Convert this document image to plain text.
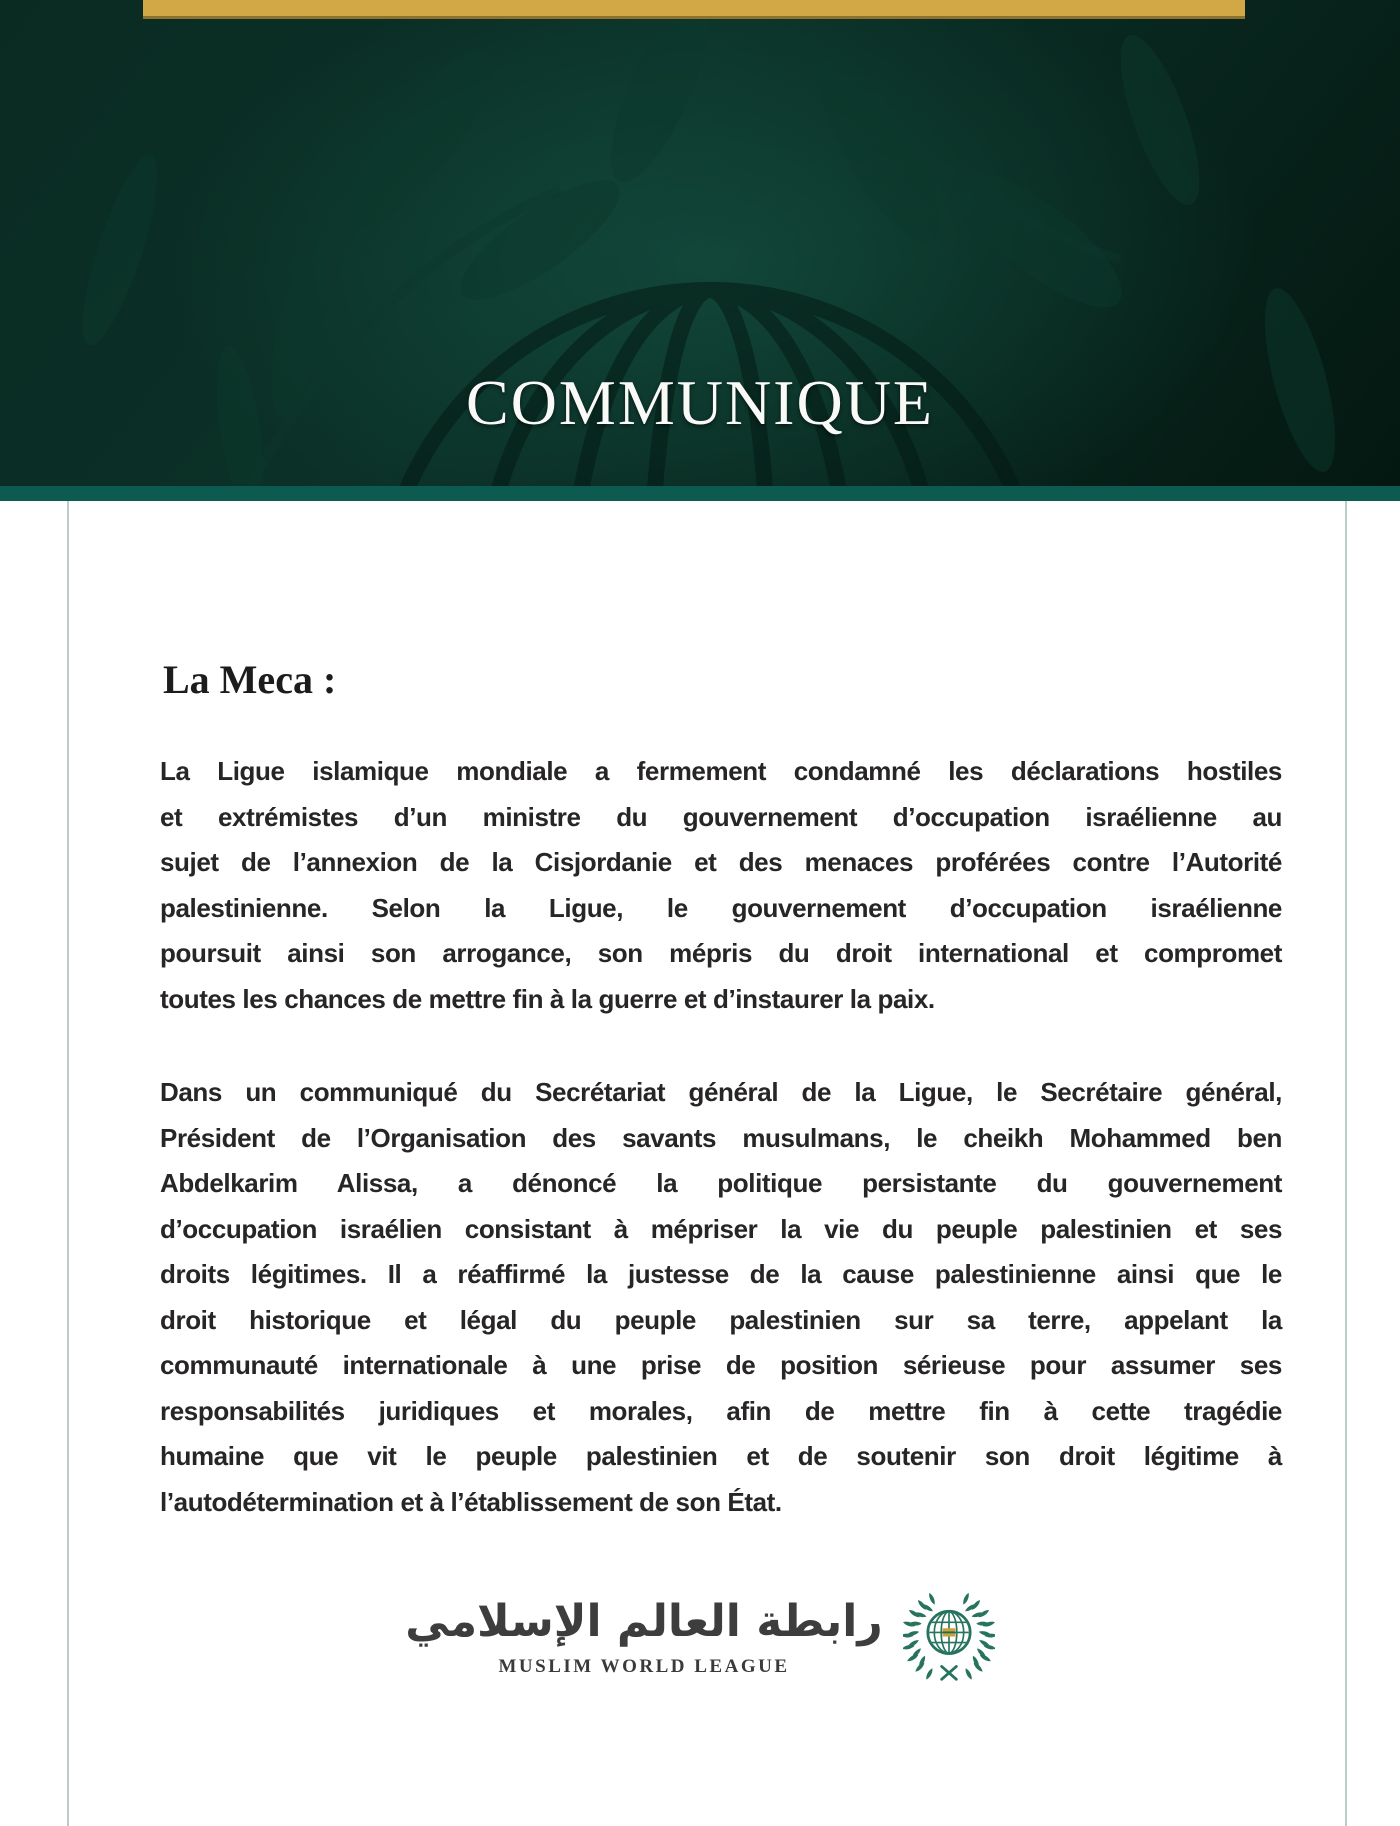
COMMUNIQUE
La Meca :
La Ligue islamique mondiale a fermement condamné les déclarations hostiles
et extrémistes d’un ministre du gouvernement d’occupation israélienne au
sujet de l’annexion de la Cisjordanie et des menaces proférées contre l’Autorité
palestinienne. Selon la Ligue, le gouvernement d’occupation israélienne
poursuit ainsi son arrogance, son mépris du droit international et compromet
toutes les chances de mettre fin à la guerre et d’instaurer la paix.
Dans un communiqué du Secrétariat général de la Ligue, le Secrétaire général,
Président de l’Organisation des savants musulmans, le cheikh Mohammed ben
Abdelkarim Alissa, a dénoncé la politique persistante du gouvernement
d’occupation israélien consistant à mépriser la vie du peuple palestinien et ses
droits légitimes. Il a réaffirmé la justesse de la cause palestinienne ainsi que le
droit historique et légal du peuple palestinien sur sa terre, appelant la
communauté internationale à une prise de position sérieuse pour assumer ses
responsabilités juridiques et morales, afin de mettre fin à cette tragédie
humaine que vit le peuple palestinien et de soutenir son droit légitime à
l’autodétermination et à l’établissement de son État.
رابطة العالم الإسلامي
MUSLIM WORLD LEAGUE
